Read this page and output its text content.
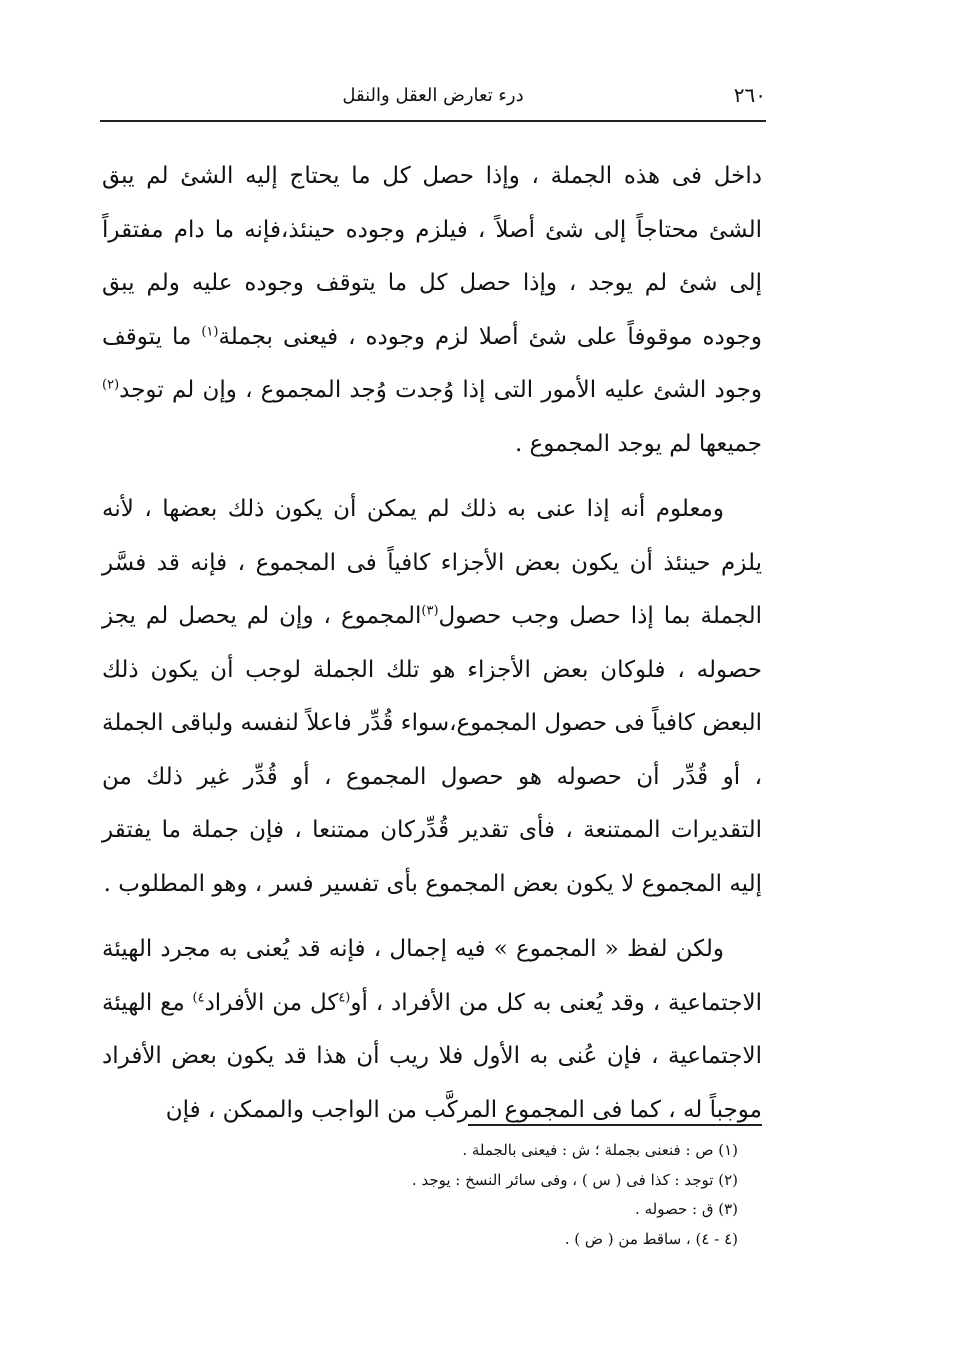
٢٦٠
درء تعارض العقل والنقل

داخل فى هذه الجملة ، وإذا حصل كل ما يحتاج إليه الشئ لم يبق الشئ محتاجاً إلى شئ أصلاً ، فيلزم وجوده حينئذ،فإنه ما دام مفتقراً إلى شئ لم يوجد ، وإذا حصل كل ما يتوقف وجوده عليه ولم يبق وجوده موقوفاً على شئ أصلا لزم وجوده ، فيعنى بجملة$^{(١)}$ ما يتوقف وجود الشئ عليه الأمور التى إذا وُجدت وُجد المجموع ، وإن لم توجد$^{(٢)}$ جميعها لم يوجد المجموع .

ومعلوم أنه إذا عنى به ذلك لم يمكن أن يكون ذلك بعضها ، لأنه يلزم حينئذ أن يكون بعض الأجزاء كافياً فى المجموع ، فإنه قد فسَّر الجملة بما إذا حصل وجب حصول$^{(٣)}$المجموع ، وإن لم يحصل لم يجز حصوله ، فلوكان بعض الأجزاء هو تلك الجملة لوجب أن يكون ذلك البعض كافياً فى حصول المجموع،سواء قُدِّر فاعلاً لنفسه ولباقى الجملة ، أو قُدِّر أن حصوله هو حصول المجموع ، أو قُدِّر غير ذلك من التقديرات الممتنعة ، فأى تقدير قُدِّركان ممتنعا ، فإن جملة ما يفتقر إليه المجموع لا يكون بعض المجموع بأى تفسير فسر ، وهو المطلوب .

ولكن لفظ « المجموع » فيه إجمال ، فإنه قد يُعنى به مجرد الهيئة الاجتماعية ، وقد يُعنى به كل من الأفراد ، أو$^{(٤}$كل من الأفراد$^{٤)}$ مع الهيئة الاجتماعية ، فإن عُنى به الأول فلا ريب أن هذا قد يكون بعض الأفراد موجباً له ، كما فى المجموع المركَّب من الواجب والممكن ، فإن

(١) ص : فنعنى بجملة ؛ ش : فيعنى بالجملة .
(٢) توجد : كذا فى ( س ) ، وفى سائر النسخ : يوجد .
(٣) ق : حصوله .
(٤ - ٤) ، ساقط من ( ض ) .
